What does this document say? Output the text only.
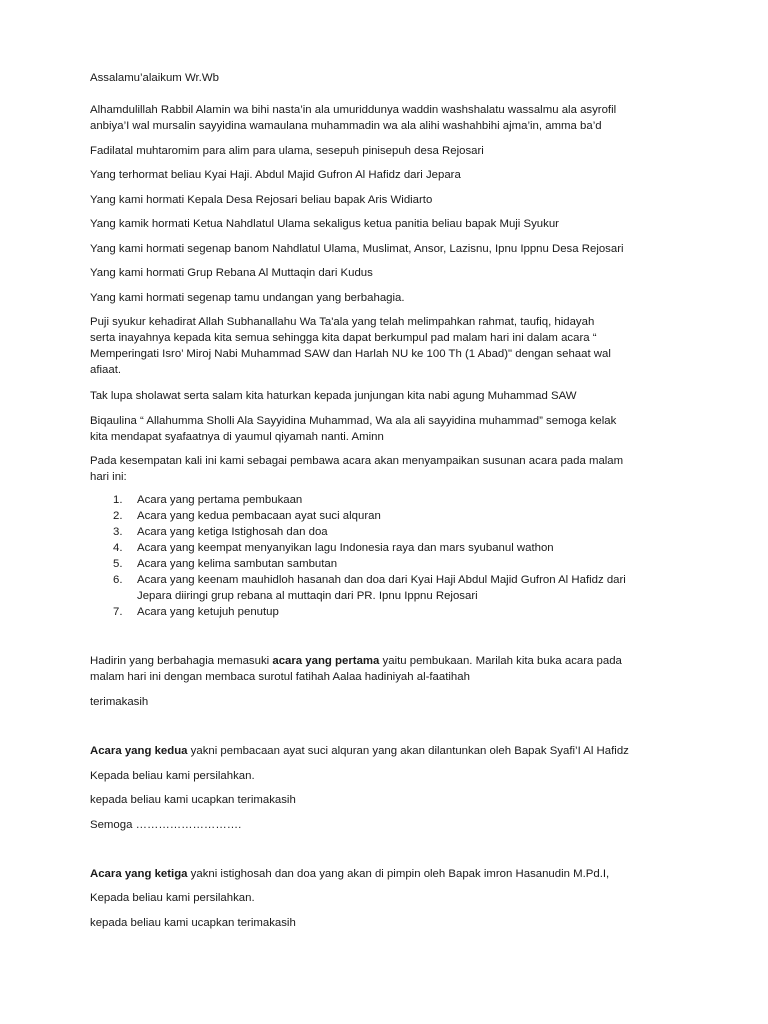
Assalamu’alaikum Wr.Wb

Alhamdulillah Rabbil Alamin wa bihi nasta’in ala umuriddunya waddin washshalatu wassalmu ala asyrofil

anbiya’I wal mursalin sayyidina wamaulana muhammadin wa ala alihi washahbihi ajma’in, amma ba’d

Fadilatal muhtaromim para alim para ulama, sesepuh pinisepuh desa Rejosari

Yang terhormat beliau Kyai Haji. Abdul Majid Gufron Al Hafidz dari Jepara

Yang kami hormati Kepala Desa Rejosari beliau bapak Aris Widiarto

Yang kamik hormati Ketua Nahdlatul Ulama sekaligus ketua panitia beliau bapak Muji Syukur

Yang kami hormati segenap banom Nahdlatul Ulama, Muslimat, Ansor, Lazisnu, Ipnu Ippnu Desa Rejosari

Yang kami hormati Grup Rebana Al Muttaqin dari Kudus

Yang kami hormati segenap tamu undangan yang berbahagia.

Puji syukur kehadirat Allah Subhanallahu Wa Ta'ala yang telah melimpahkan rahmat, taufiq, hidayah

serta inayahnya kepada kita semua sehingga kita dapat berkumpul pad malam hari ini dalam acara “

Memperingati Isro’ Miroj Nabi Muhammad SAW dan Harlah NU ke 100 Th (1 Abad)" dengan sehaat wal

afiaat.

Tak lupa sholawat serta salam kita haturkan kepada junjungan kita nabi agung Muhammad SAW

Biqaulina “ Allahumma Sholli Ala Sayyidina Muhammad, Wa ala ali sayyidina muhammad” semoga kelak

kita mendapat syafaatnya di yaumul qiyamah nanti. Aminn

Pada kesempatan kali ini kami sebagai pembawa acara akan menyampaikan susunan acara pada malam

hari ini:

1. Acara yang pertama pembukaan
2. Acara yang kedua pembacaan ayat suci alquran
3. Acara yang ketiga Istighosah dan doa
4. Acara yang keempat menyanyikan lagu Indonesia raya dan mars syubanul wathon
5. Acara yang kelima sambutan sambutan
6. Acara yang keenam mauhidloh hasanah dan doa dari Kyai Haji Abdul Majid Gufron Al Hafidz dari
Jepara diiringi grup rebana al muttaqin dari PR. Ipnu Ippnu Rejosari
7. Acara yang ketujuh penutup

Hadirin yang berbahagia memasuki acara yang pertama yaitu pembukaan. Marilah kita buka acara pada

malam hari ini dengan membaca surotul fatihah Aalaa hadiniyah al-faatihah

terimakasih

Acara yang kedua yakni pembacaan ayat suci alquran yang akan dilantunkan oleh Bapak Syafi’I Al Hafidz

Kepada beliau kami persilahkan.

kepada beliau kami ucapkan terimakasih

Semoga ……………………….

Acara yang ketiga yakni istighosah dan doa yang akan di pimpin oleh Bapak imron Hasanudin M.Pd.I,

Kepada beliau kami persilahkan.

kepada beliau kami ucapkan terimakasih
